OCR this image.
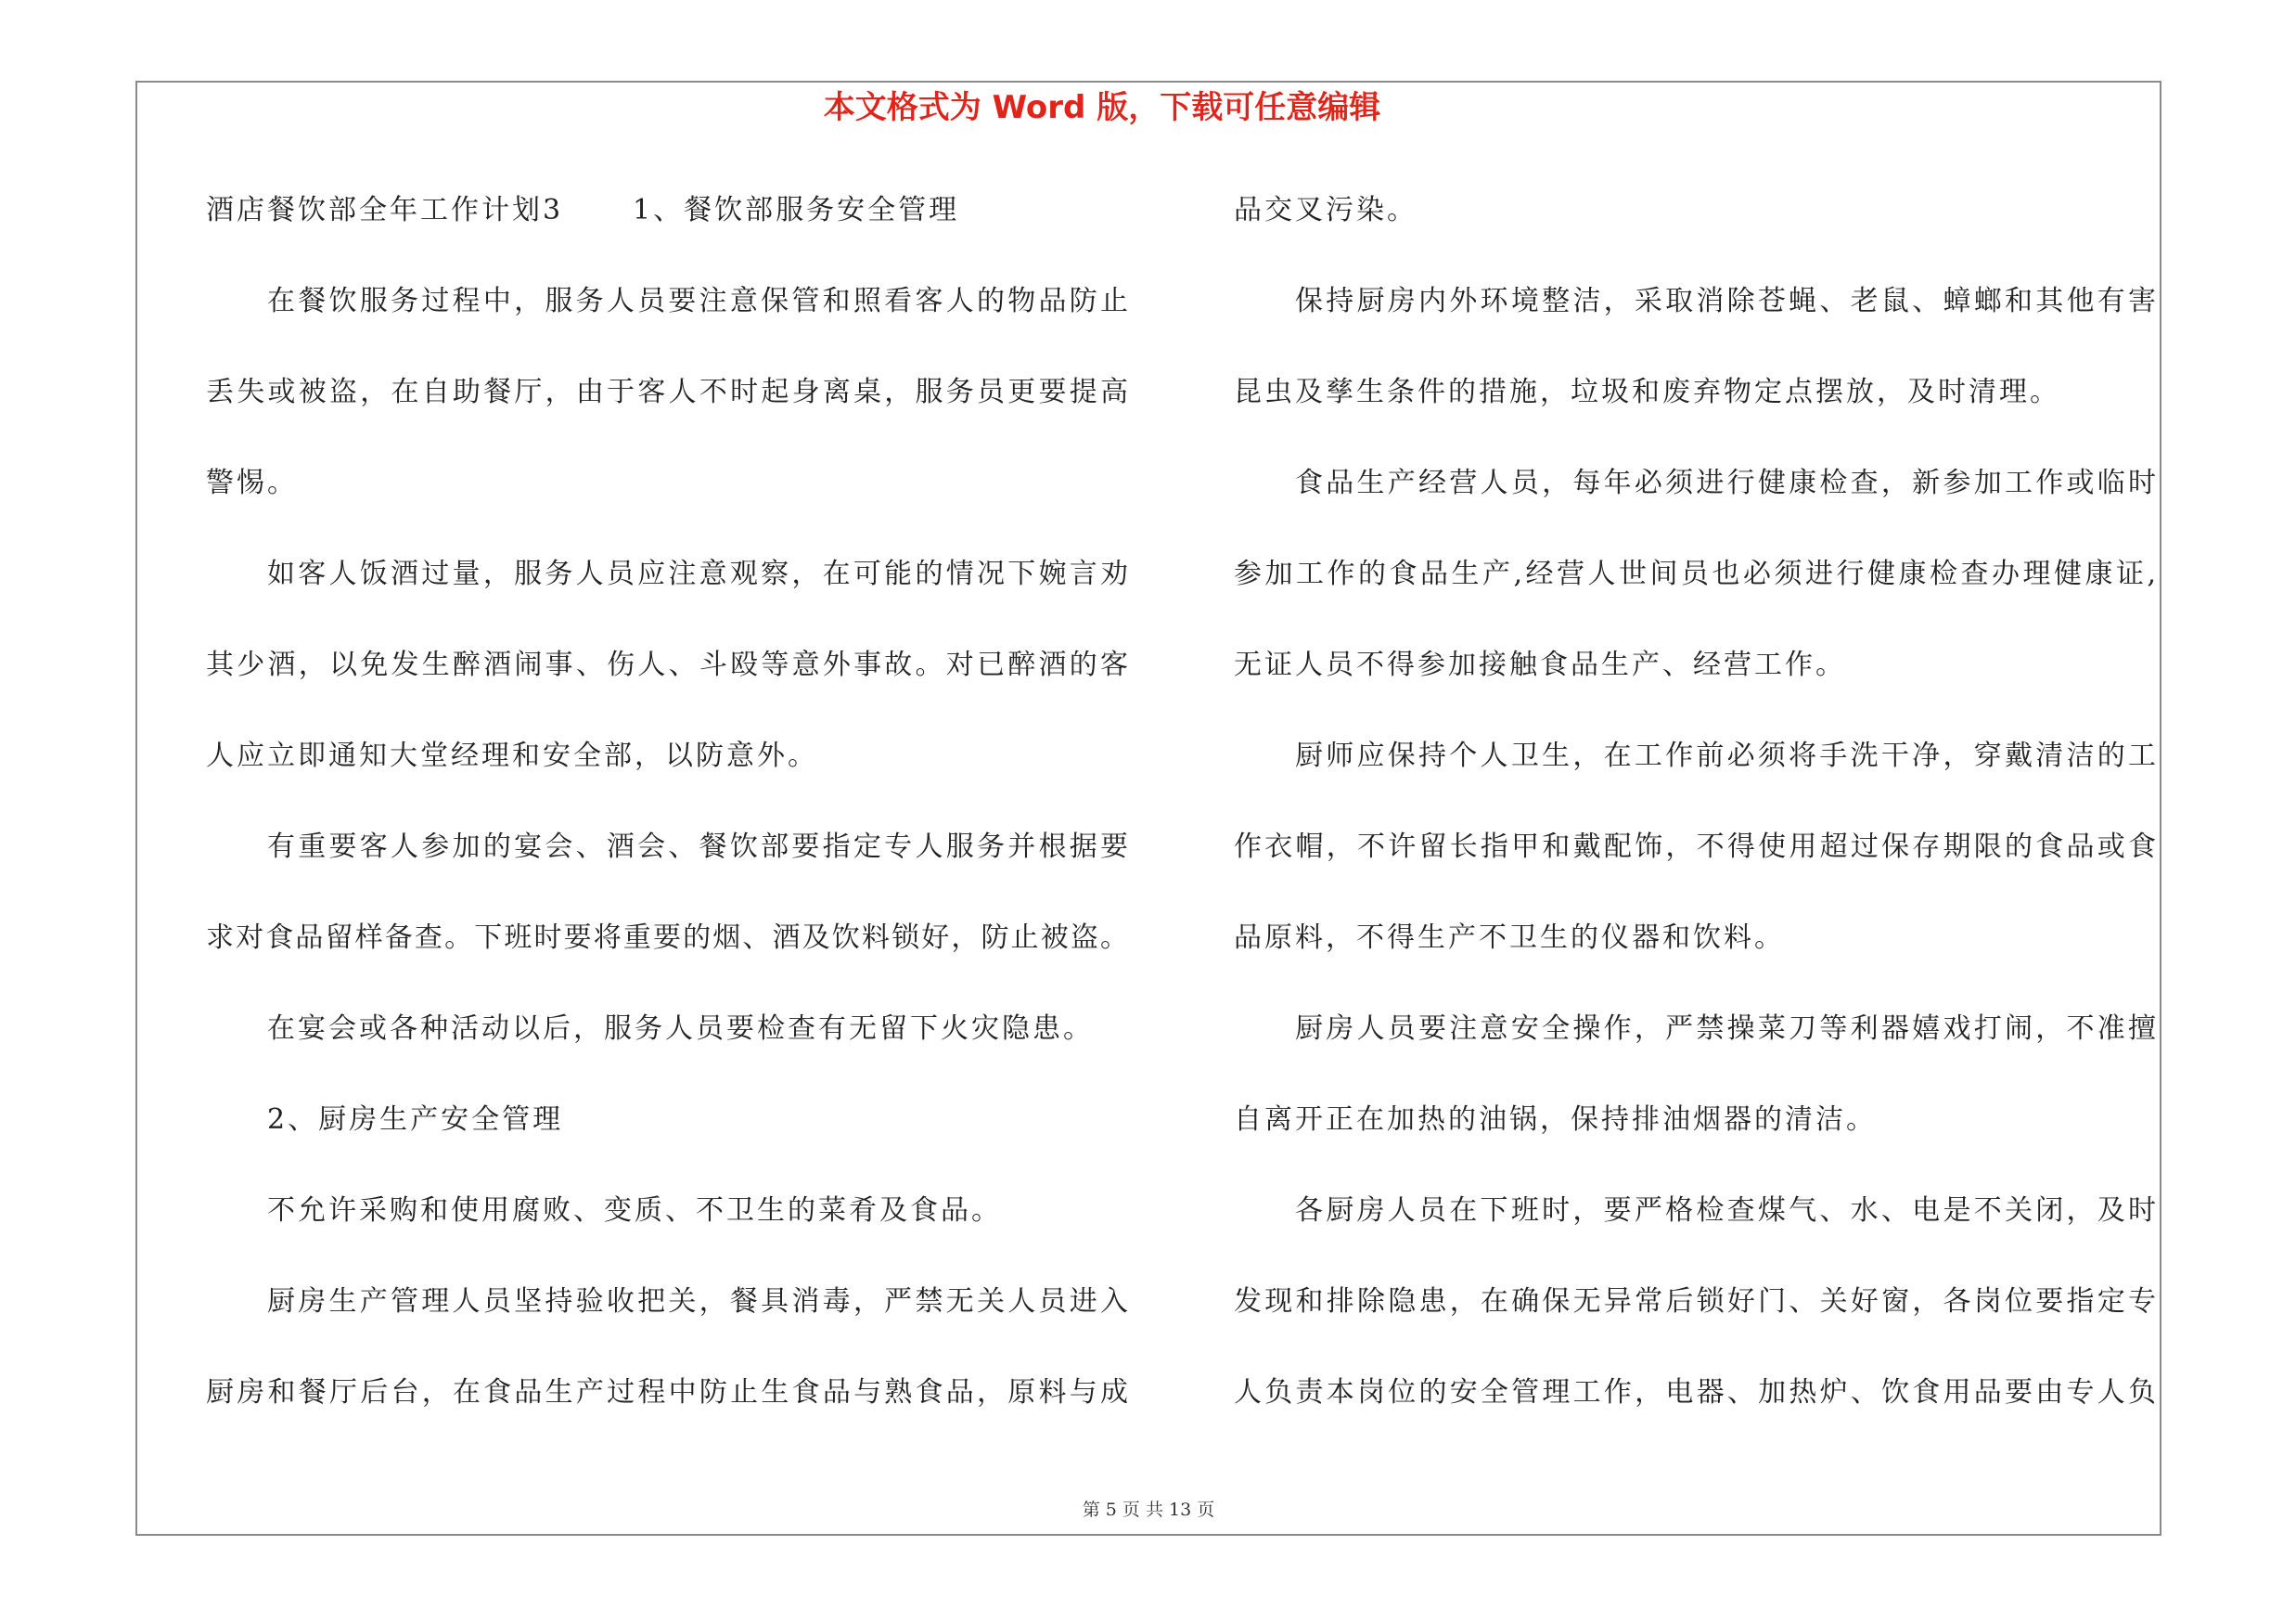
本文格式为 Word 版，下载可任意编辑
酒店餐饮部全年工作计划3 1、餐饮部服务安全管理
在餐饮服务过程中，服务人员要注意保管和照看客人的物品防止
丢失或被盗，在自助餐厅，由于客人不时起身离桌，服务员更要提高
警惕。
如客人饭酒过量，服务人员应注意观察，在可能的情况下婉言劝
其少酒，以免发生醉酒闹事、伤人、斗殴等意外事故。对已醉酒的客
人应立即通知大堂经理和安全部，以防意外。
有重要客人参加的宴会、酒会、餐饮部要指定专人服务并根据要
求对食品留样备查。下班时要将重要的烟、酒及饮料锁好，防止被盗。
在宴会或各种活动以后，服务人员要检查有无留下火灾隐患。
2、厨房生产安全管理
不允许采购和使用腐败、变质、不卫生的菜肴及食品。
厨房生产管理人员坚持验收把关，餐具消毒，严禁无关人员进入
厨房和餐厅后台，在食品生产过程中防止生食品与熟食品，原料与成
品交叉污染。
保持厨房内外环境整洁，采取消除苍蝇、老鼠、蟑螂和其他有害
昆虫及孳生条件的措施，垃圾和废弃物定点摆放，及时清理。
食品生产经营人员，每年必须进行健康检查，新参加工作或临时
参加工作的食品生产,经营人世间员也必须进行健康检查办理健康证,
无证人员不得参加接触食品生产、经营工作。
厨师应保持个人卫生，在工作前必须将手洗干净，穿戴清洁的工
作衣帽，不许留长指甲和戴配饰，不得使用超过保存期限的食品或食
品原料，不得生产不卫生的仪器和饮料。
厨房人员要注意安全操作，严禁操菜刀等利器嬉戏打闹，不准擅
自离开正在加热的油锅，保持排油烟器的清洁。
各厨房人员在下班时，要严格检查煤气、水、电是不关闭，及时
发现和排除隐患，在确保无异常后锁好门、关好窗，各岗位要指定专
人负责本岗位的安全管理工作，电器、加热炉、饮食用品要由专人负
第 5 页 共 13 页
